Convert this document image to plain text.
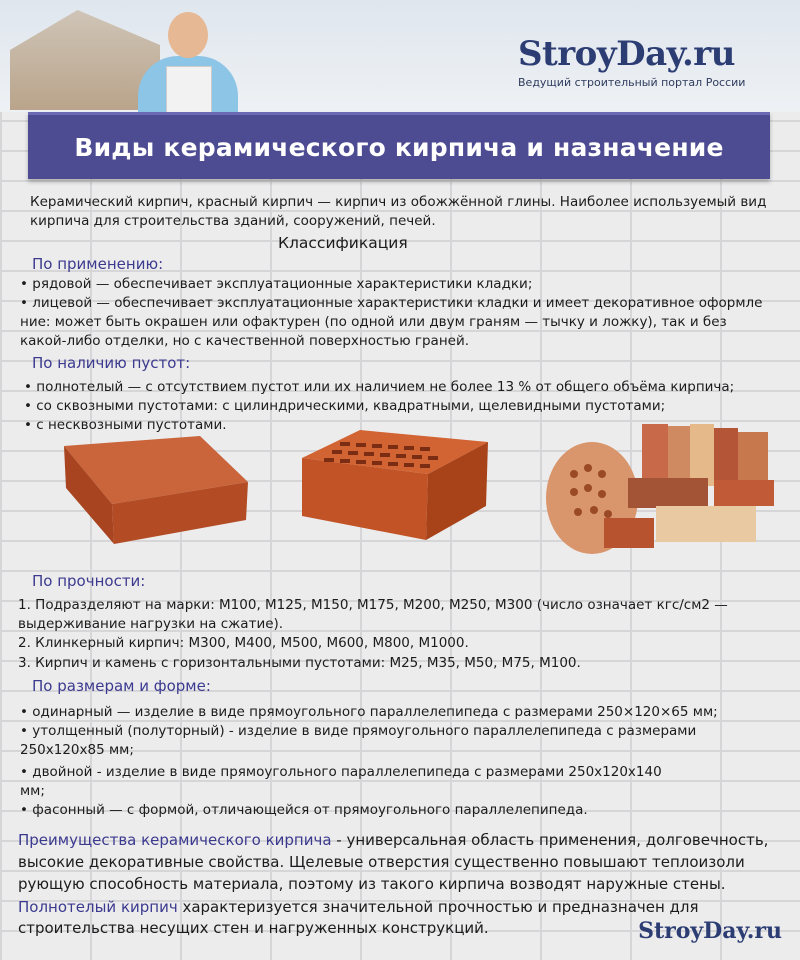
StroyDay.ru
Ведущий строительный портал России
Виды керамического кирпича и назначение
Керамический кирпич, красный кирпич — кирпич из обожжённой глины. Наиболее используемый вид
кирпича для строительства зданий, сооружений, печей.
Классификация
По применению:
• рядовой — обеспечивает эксплуатационные характеристики кладки;
• лицевой — обеспечивает эксплуатационные характеристики кладки и имеет декоративное оформле
ние: может быть окрашен или офактурен (по одной или двум граням — тычку и ложку), так и без
какой-либо отделки, но с качественной поверхностью граней.
По наличию пустот:
• полнотелый — с отсутствием пустот или их наличием не более 13 % от общего объёма кирпича;
• со сквозными пустотами: с цилиндрическими, квадратными, щелевидными пустотами;
• с несквозными пустотами.
По прочности:
1. Подразделяют на марки: М100, М125, М150, М175, М200, М250, М300 (число означает кгс/см2 —
выдерживание нагрузки на сжатие).
2. Клинкерный кирпич: М300, М400, М500, М600, М800, М1000.
3. Кирпич и камень с горизонтальными пустотами: М25, М35, М50, М75, М100.
По размерам и форме:
• одинарный — изделие в виде прямоугольного параллелепипеда с размерами 250×120×65 мм;
• утолщенный (полуторный) - изделие в виде прямоугольного параллелепипеда с размерами
250x120x85 мм;
• двойной - изделие в виде прямоугольного параллелепипеда с размерами 250х120х140
мм;
• фасонный — с формой, отличающейся от прямоугольного параллелепипеда.
Преимущества керамического кирпича - универсальная область применения, долговечность,
высокие декоративные свойства. Щелевые отверстия существенно повышают теплоизоли
рующую способность материала, поэтому из такого кирпича возводят наружные стены.
Полнотелый кирпич характеризуется значительной прочностью и предназначен для
строительства несущих стен и нагруженных конструкций.	StroyDay.ru
